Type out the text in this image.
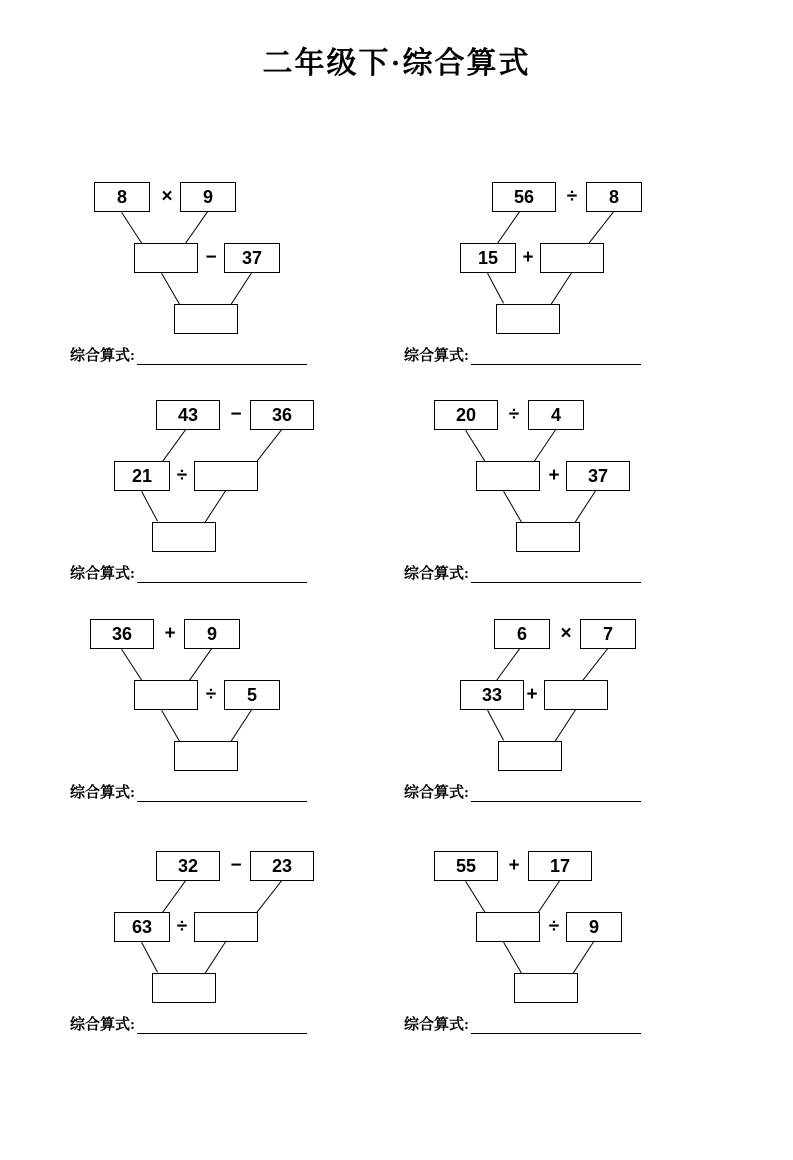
二年级下·综合算式
8	×	9
−	37
综合算式:
56	÷	8
15	+
综合算式:
43	−	36
21	÷
综合算式:
20	÷	4
+	37
综合算式:
36	+	9
÷	5
综合算式:
6	×	7
33	+
综合算式:
32	−	23
63	÷
综合算式:
55	+	17
÷	9
综合算式:
